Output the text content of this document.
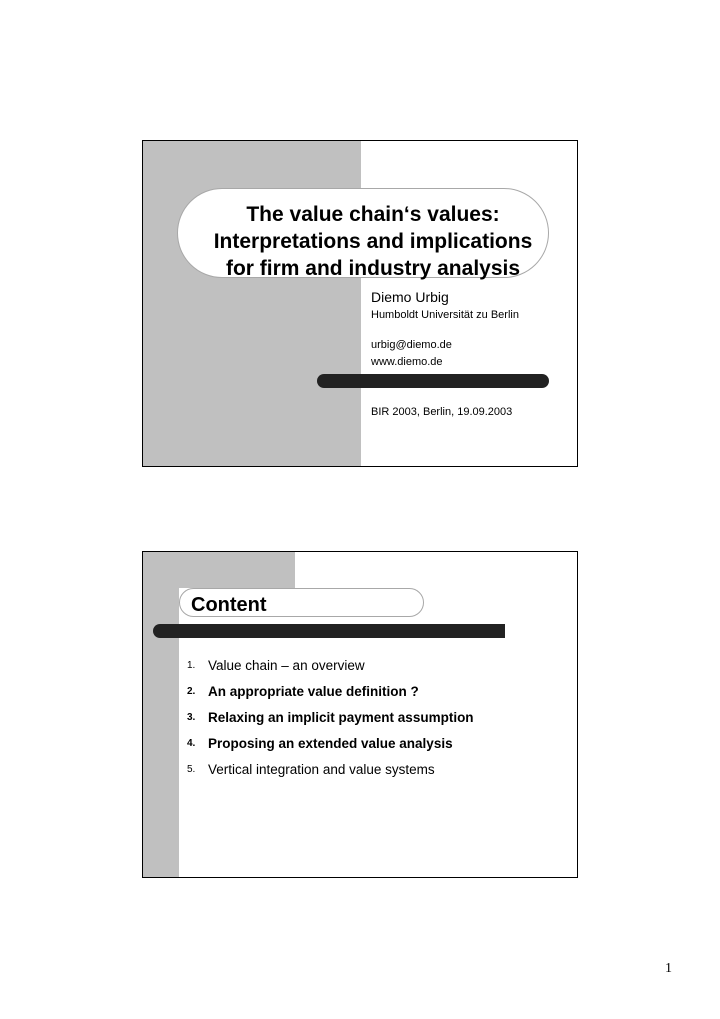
The value chain‘s values:
Interpretations and implications
for firm and industry analysis
Diemo Urbig
Humboldt Universität zu Berlin
urbig@diemo.de
www.diemo.de
BIR 2003, Berlin, 19.09.2003
Content
1. Value chain – an overview
2. An appropriate value definition ?
3. Relaxing an implicit payment assumption
4. Proposing an extended value analysis
5. Vertical integration and value systems
1
